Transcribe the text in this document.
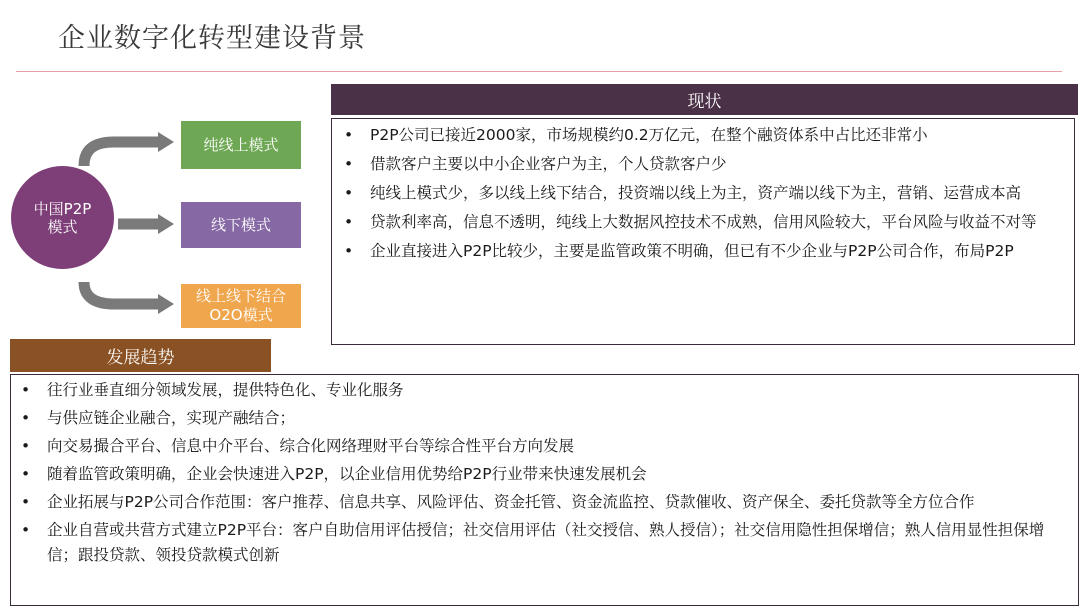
企业数字化转型建设背景
中国P2P模式
纯线上模式
线下模式
线上线下结合O2O模式
现状
• P2P公司已接近2000家，市场规模约0.2万亿元，在整个融资体系中占比还非常小
• 借款客户主要以中小企业客户为主，个人贷款客户少
• 纯线上模式少，多以线上线下结合，投资端以线上为主，资产端以线下为主，营销、运营成本高
• 贷款利率高，信息不透明，纯线上大数据风控技术不成熟，信用风险较大，平台风险与收益不对等
• 企业直接进入P2P比较少，主要是监管政策不明确，但已有不少企业与P2P公司合作，布局P2P
发展趋势
• 往行业垂直细分领域发展，提供特色化、专业化服务
• 与供应链企业融合，实现产融结合；
• 向交易撮合平台、信息中介平台、综合化网络理财平台等综合性平台方向发展
• 随着监管政策明确，企业会快速进入P2P，以企业信用优势给P2P行业带来快速发展机会
• 企业拓展与P2P公司合作范围：客户推荐、信息共享、风险评估、资金托管、资金流监控、贷款催收、资产保全、委托贷款等全方位合作
• 企业自营或共营方式建立P2P平台：客户自助信用评估授信；社交信用评估（社交授信、熟人授信）；社交信用隐性担保增信；熟人信用显性担保增信；跟投贷款、领投贷款模式创新
